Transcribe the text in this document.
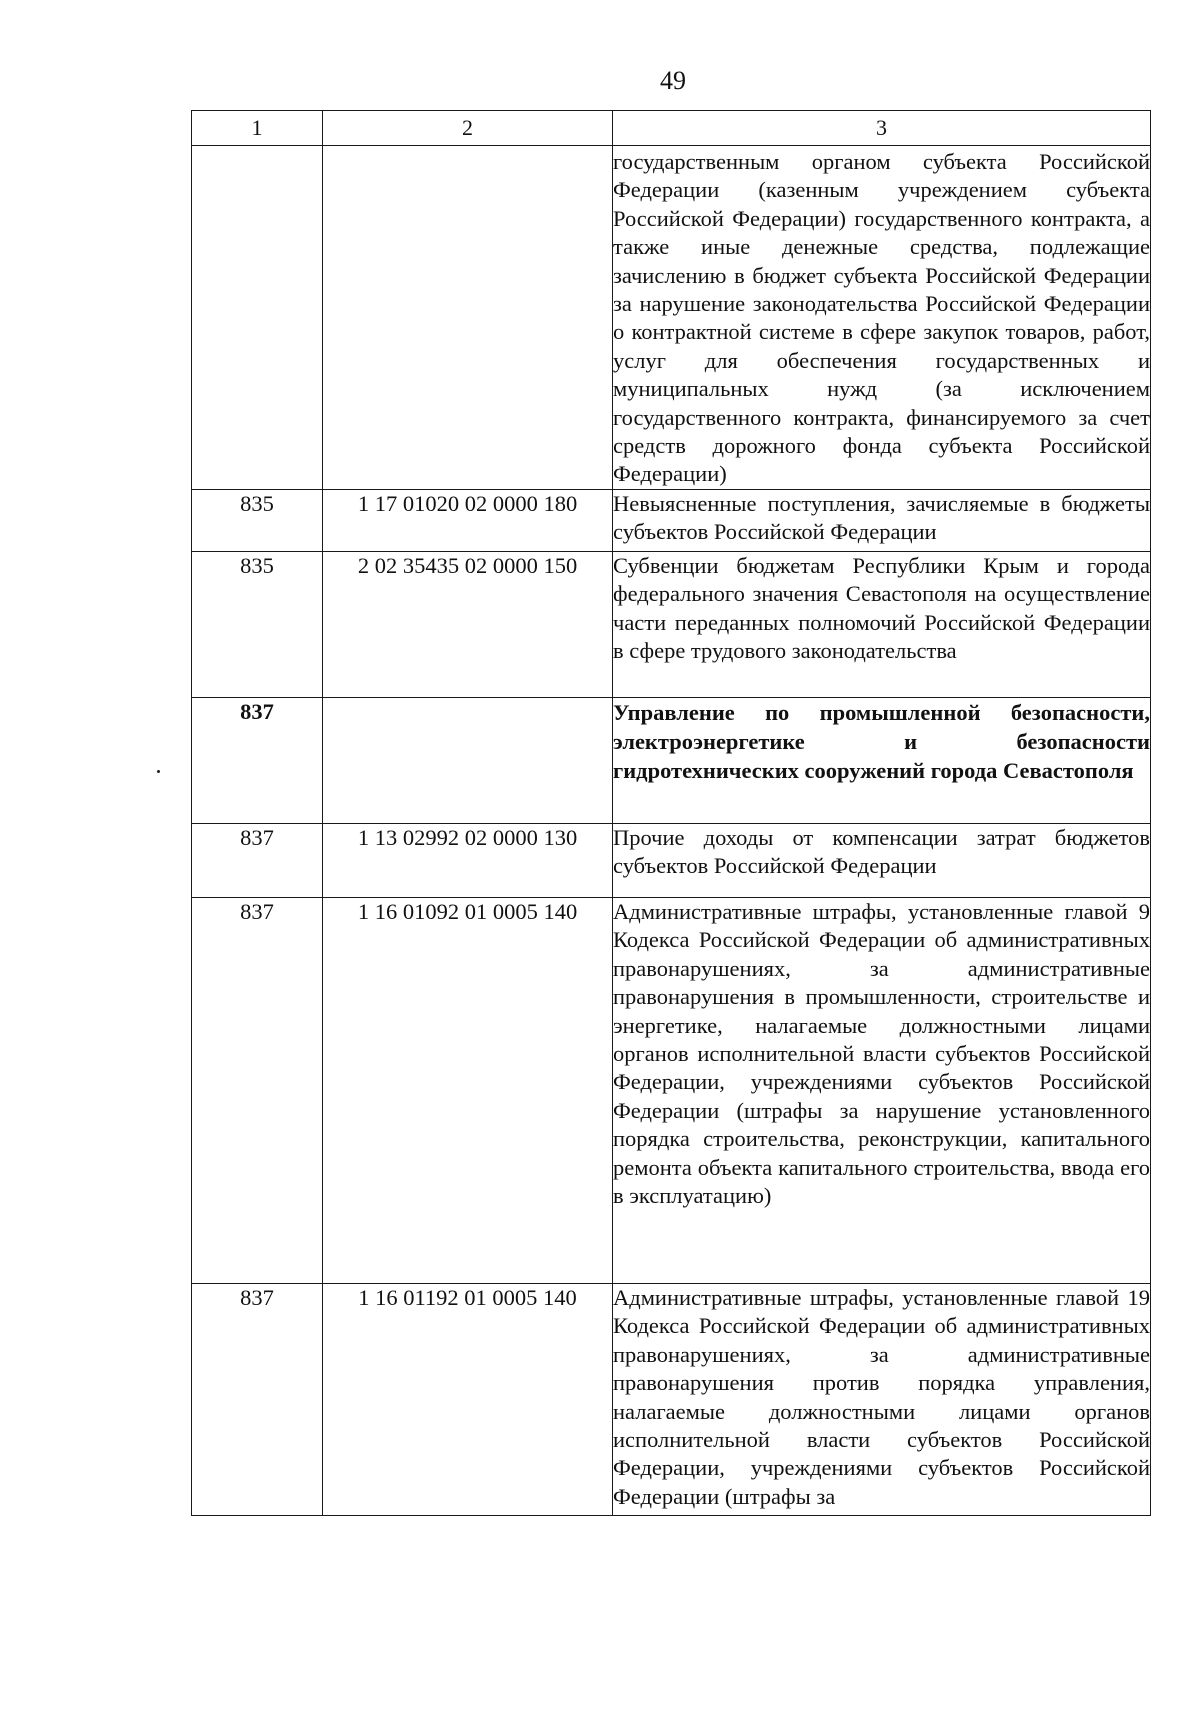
49
1	2	3
		государственным органом субъекта Российской Федерации (казенным учреждением субъекта Российской Федерации) государственного контракта, а также иные денежные средства, подлежащие зачислению в бюджет субъекта Российской Федерации за нарушение законодательства Российской Федерации о контрактной системе в сфере закупок товаров, работ, услуг для обеспечения государственных и муниципальных нужд (за исключением государственного контракта, финансируемого за счет средств дорожного фонда субъекта Российской Федерации)
835	1 17 01020 02 0000 180	Невыясненные поступления, зачисляемые в бюджеты субъектов Российской Федерации
835	2 02 35435 02 0000 150	Субвенции бюджетам Республики Крым и города федерального значения Севастополя на осуществление части переданных полномочий Российской Федерации в сфере трудового законодательства
837		Управление по промышленной безопасности, электроэнергетике и безопасности гидротехнических сооружений города Севастополя
837	1 13 02992 02 0000 130	Прочие доходы от компенсации затрат бюджетов субъектов Российской Федерации
837	1 16 01092 01 0005 140	Административные штрафы, установленные главой 9 Кодекса Российской Федерации об административных правонарушениях, за административные правонарушения в промышленности, строительстве и энергетике, налагаемые должностными лицами органов исполнительной власти субъектов Российской Федерации, учреждениями субъектов Российской Федерации (штрафы за нарушение установленного порядка строительства, реконструкции, капитального ремонта объекта капитального строительства, ввода его в эксплуатацию)
837	1 16 01192 01 0005 140	Административные штрафы, установленные главой 19 Кодекса Российской Федерации об административных правонарушениях, за административные правонарушения против порядка управления, налагаемые должностными лицами органов исполнительной власти субъектов Российской Федерации, учреждениями субъектов Российской Федерации (штрафы за
